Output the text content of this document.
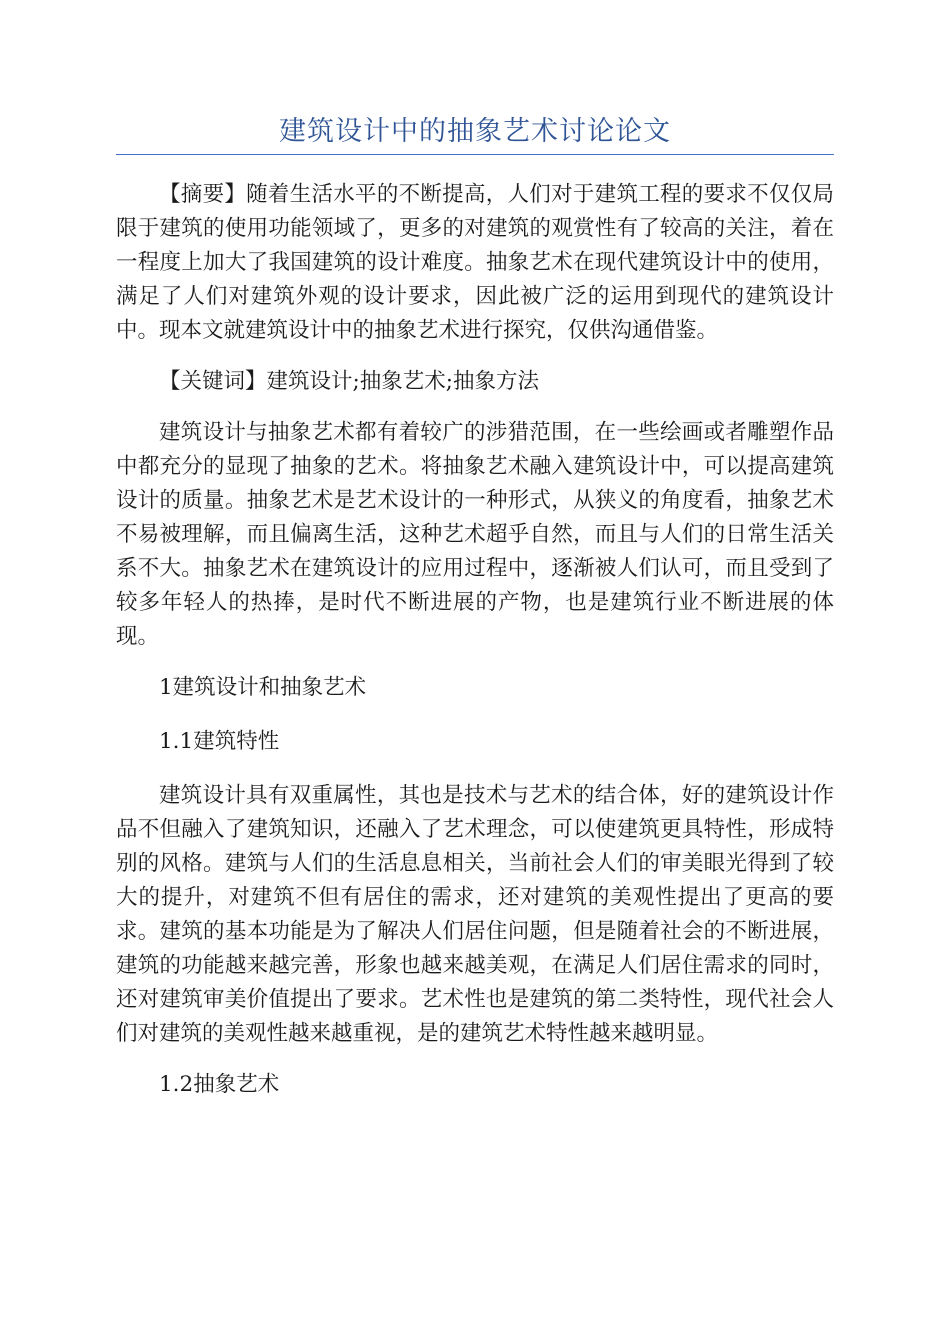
建筑设计中的抽象艺术讨论论文

【摘要】随着生活水平的不断提高，人们对于建筑工程的要求不仅仅局限于建筑的使用功能领域了，更多的对建筑的观赏性有了较高的关注，着在一程度上加大了我国建筑的设计难度。抽象艺术在现代建筑设计中的使用，满足了人们对建筑外观的设计要求，因此被广泛的运用到现代的建筑设计中。现本文就建筑设计中的抽象艺术进行探究，仅供沟通借鉴。

【关键词】建筑设计;抽象艺术;抽象方法

建筑设计与抽象艺术都有着较广的涉猎范围，在一些绘画或者雕塑作品中都充分的显现了抽象的艺术。将抽象艺术融入建筑设计中，可以提高建筑设计的质量。抽象艺术是艺术设计的一种形式，从狭义的角度看，抽象艺术不易被理解，而且偏离生活，这种艺术超乎自然，而且与人们的日常生活关系不大。抽象艺术在建筑设计的应用过程中，逐渐被人们认可，而且受到了较多年轻人的热捧，是时代不断进展的产物，也是建筑行业不断进展的体现。

1建筑设计和抽象艺术

1.1建筑特性

建筑设计具有双重属性，其也是技术与艺术的结合体，好的建筑设计作品不但融入了建筑知识，还融入了艺术理念，可以使建筑更具特性，形成特别的风格。建筑与人们的生活息息相关，当前社会人们的审美眼光得到了较大的提升，对建筑不但有居住的需求，还对建筑的美观性提出了更高的要求。建筑的基本功能是为了解决人们居住问题，但是随着社会的不断进展，建筑的功能越来越完善，形象也越来越美观，在满足人们居住需求的同时，还对建筑审美价值提出了要求。艺术性也是建筑的第二类特性，现代社会人们对建筑的美观性越来越重视，是的建筑艺术特性越来越明显。

1.2抽象艺术
